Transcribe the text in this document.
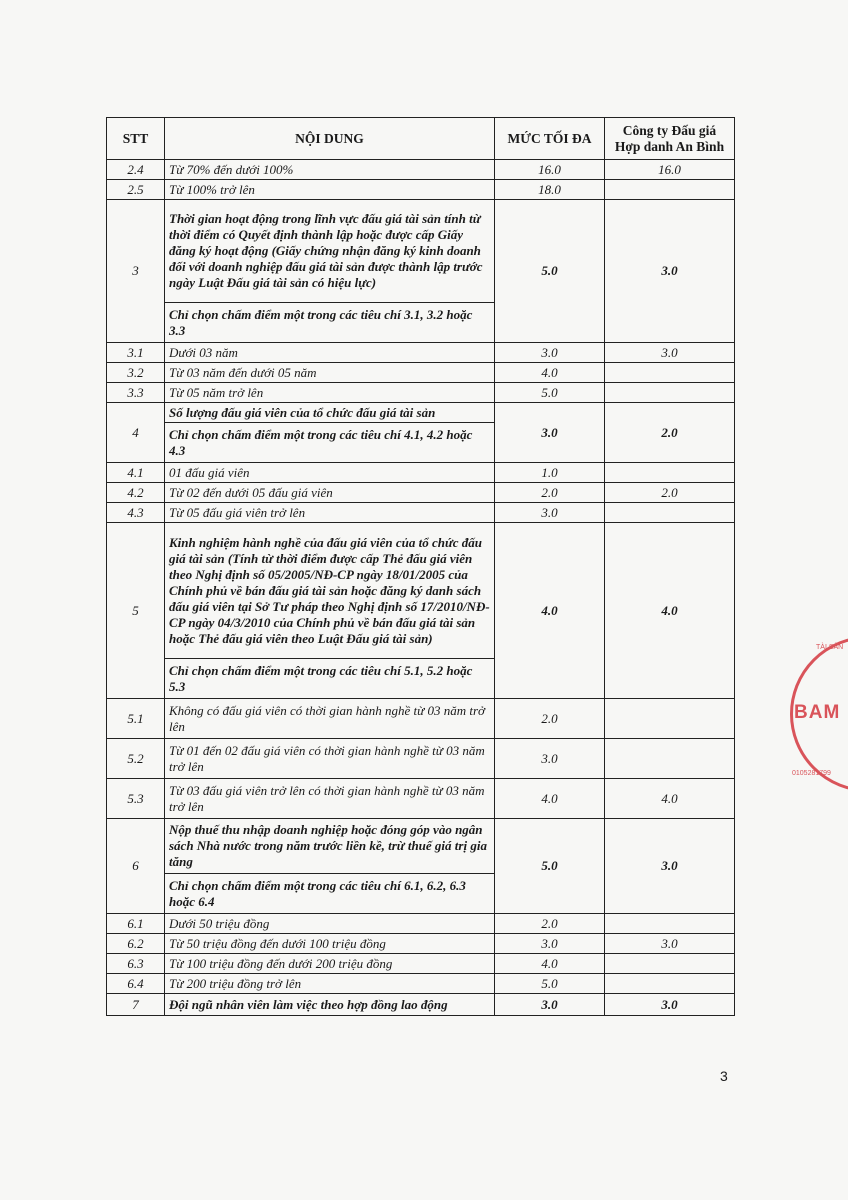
STT	NỘI DUNG	MỨC TỐI ĐA	Công ty Đấu giá Hợp danh An Bình
2.4	Từ 70% đến dưới 100%	16.0	16.0
2.5	Từ 100% trở lên	18.0	
3	Thời gian hoạt động trong lĩnh vực đấu giá tài sản tính từ thời điểm có Quyết định thành lập hoặc được cấp Giấy đăng ký hoạt động (Giấy chứng nhận đăng ký kinh doanh đối với doanh nghiệp đấu giá tài sản được thành lập trước ngày Luật Đấu giá tài sản có hiệu lực)	5.0	3.0
	Chỉ chọn chấm điểm một trong các tiêu chí 3.1, 3.2 hoặc 3.3		
3.1	Dưới 03 năm	3.0	3.0
3.2	Từ 03 năm đến dưới 05 năm	4.0	
3.3	Từ 05 năm trở lên	5.0	
4	Số lượng đấu giá viên của tổ chức đấu giá tài sản	3.0	2.0
	Chỉ chọn chấm điểm một trong các tiêu chí 4.1, 4.2 hoặc 4.3		
4.1	01 đấu giá viên	1.0	
4.2	Từ 02 đến dưới 05 đấu giá viên	2.0	2.0
4.3	Từ 05 đấu giá viên trở lên	3.0	
5	Kinh nghiệm hành nghề của đấu giá viên của tổ chức đấu giá tài sản (Tính từ thời điểm được cấp Thẻ đấu giá viên theo Nghị định số 05/2005/NĐ-CP ngày 18/01/2005 của Chính phủ về bán đấu giá tài sản hoặc đăng ký danh sách đấu giá viên tại Sở Tư pháp theo Nghị định số 17/2010/NĐ-CP ngày 04/3/2010 của Chính phủ về bán đấu giá tài sản hoặc Thẻ đấu giá viên theo Luật Đấu giá tài sản)	4.0	4.0
	Chỉ chọn chấm điểm một trong các tiêu chí 5.1, 5.2 hoặc 5.3		
5.1	Không có đấu giá viên có thời gian hành nghề từ 03 năm trở lên	2.0	
5.2	Từ 01 đến 02 đấu giá viên có thời gian hành nghề từ 03 năm trở lên	3.0	
5.3	Từ 03 đấu giá viên trở lên có thời gian hành nghề từ 03 năm trở lên	4.0	4.0
6	Nộp thuế thu nhập doanh nghiệp hoặc đóng góp vào ngân sách Nhà nước trong năm trước liền kề, trừ thuế giá trị gia tăng	5.0	3.0
	Chỉ chọn chấm điểm một trong các tiêu chí 6.1, 6.2, 6.3 hoặc 6.4		
6.1	Dưới 50 triệu đồng	2.0	
6.2	Từ 50 triệu đồng đến dưới 100 triệu đồng	3.0	3.0
6.3	Từ 100 triệu đồng đến dưới 200 triệu đồng	4.0	
6.4	Từ 200 triệu đồng trở lên	5.0	
7	Đội ngũ nhân viên làm việc theo hợp đồng lao động	3.0	3.0
TÀI SẢN
BAM
0105281799
3
